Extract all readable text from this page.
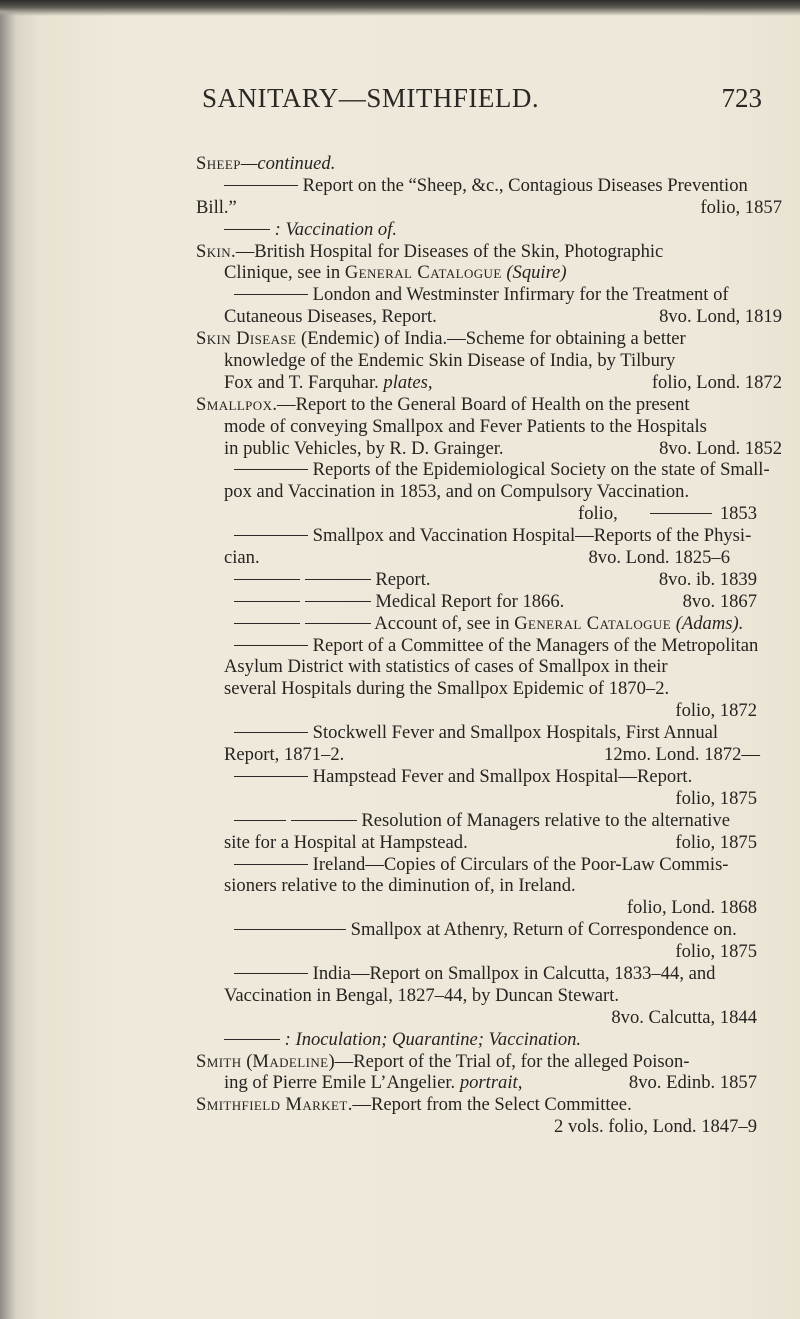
SANITARY—SMITHFIELD.	723
Sheep—continued.
Report on the “Sheep, &c., Contagious Diseases Prevention
Bill.”	folio, 1857
: Vaccination of.
Skin.—British Hospital for Diseases of the Skin, Photographic
Clinique, see in General Catalogue (Squire)
London and Westminster Infirmary for the Treatment of
Cutaneous Diseases, Report.	8vo. Lond, 1819
Skin Disease (Endemic) of India.—Scheme for obtaining a better
knowledge of the Endemic Skin Disease of India, by Tilbury
Fox and T. Farquhar. plates,	folio, Lond. 1872
Smallpox.—Report to the General Board of Health on the present
mode of conveying Smallpox and Fever Patients to the Hospitals
in public Vehicles, by R. D. Grainger.	8vo. Lond. 1852
Reports of the Epidemiological Society on the state of Small-
pox and Vaccination in 1853, and on Compulsory Vaccination.
folio,	1853
Smallpox and Vaccination Hospital—Reports of the Physi-
cian.	8vo. Lond. 1825–6
Report.	8vo. ib. 1839
Medical Report for 1866.	8vo. 1867
Account of, see in General Catalogue (Adams).
Report of a Committee of the Managers of the Metropolitan
Asylum District with statistics of cases of Smallpox in their
several Hospitals during the Smallpox Epidemic of 1870–2.
folio, 1872
Stockwell Fever and Smallpox Hospitals, First Annual
Report, 1871–2.	12mo. Lond. 1872—
Hampstead Fever and Smallpox Hospital—Report.
folio, 1875
Resolution of Managers relative to the alternative
site for a Hospital at Hampstead.	folio, 1875
Ireland—Copies of Circulars of the Poor-Law Commis-
sioners relative to the diminution of, in Ireland.
folio, Lond. 1868
Smallpox at Athenry, Return of Correspondence on.
folio, 1875
India—Report on Smallpox in Calcutta, 1833–44, and
Vaccination in Bengal, 1827–44, by Duncan Stewart.
8vo. Calcutta, 1844
: Inoculation; Quarantine; Vaccination.
Smith (Madeline)—Report of the Trial of, for the alleged Poison-
ing of Pierre Emile L’Angelier. portrait,	8vo. Edinb. 1857
Smithfield Market.—Report from the Select Committee.
2 vols. folio, Lond. 1847–9
